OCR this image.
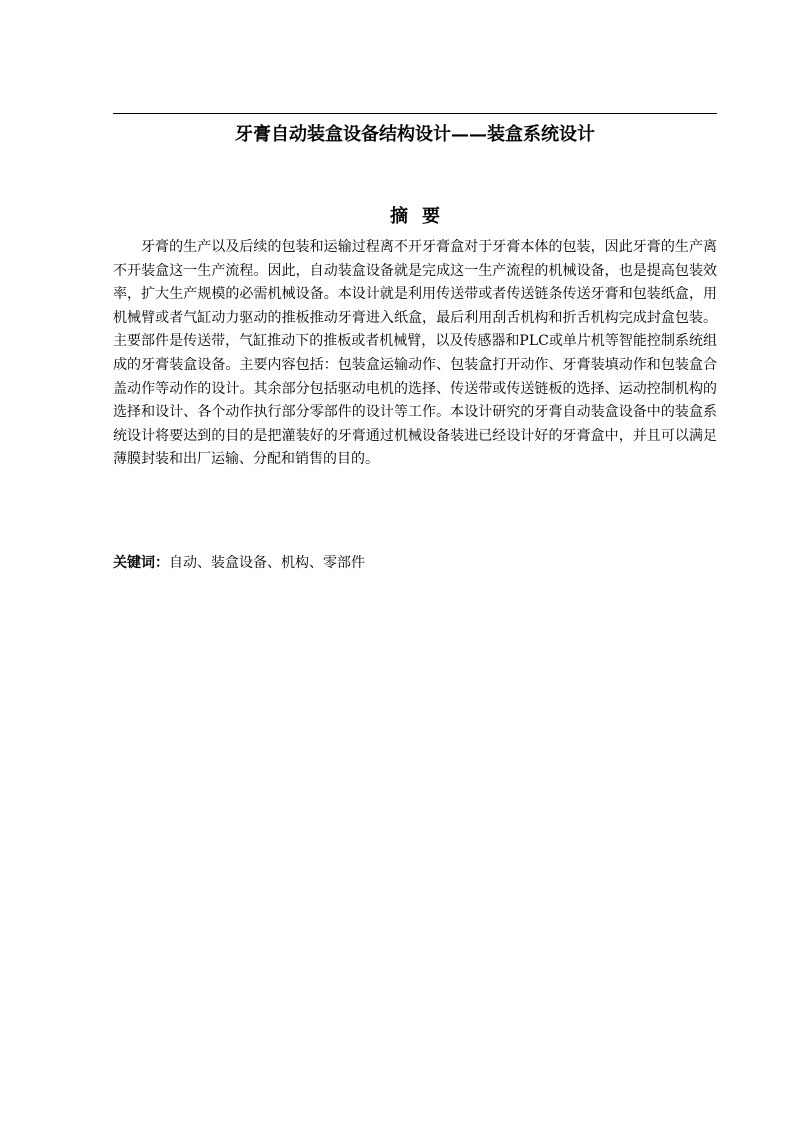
牙膏自动装盒设备结构设计——装盒系统设计
摘要

牙膏的生产以及后续的包装和运输过程离不开牙膏盒对于牙膏本体的包装，因此牙膏的生产离不开装盒这一生产流程。因此，自动装盒设备就是完成这一生产流程的机械设备，也是提高包装效率，扩大生产规模的必需机械设备。本设计就是利用传送带或者传送链条传送牙膏和包装纸盒，用机械臂或者气缸动力驱动的推板推动牙膏进入纸盒，最后利用刮舌机构和折舌机构完成封盒包装。主要部件是传送带，气缸推动下的推板或者机械臂，以及传感器和PLC或单片机等智能控制系统组成的牙膏装盒设备。主要内容包括：包装盒运输动作、包装盒打开动作、牙膏装填动作和包装盒合盖动作等动作的设计。其余部分包括驱动电机的选择、传送带或传送链板的选择、运动控制机构的选择和设计、各个动作执行部分零部件的设计等工作。本设计研究的牙膏自动装盒设备中的装盒系统设计将要达到的目的是把灌装好的牙膏通过机械设备装进已经设计好的牙膏盒中，并且可以满足薄膜封装和出厂运输、分配和销售的目的。

关键词：自动、装盒设备、机构、零部件
